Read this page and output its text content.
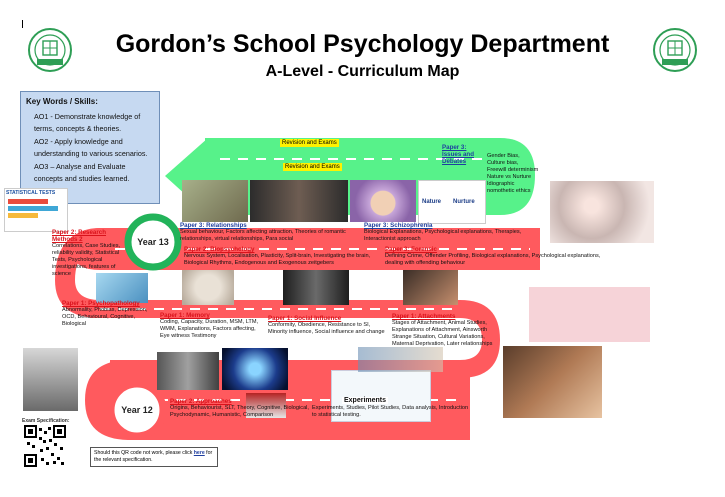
Gordon’s School Psychology Department
A-Level - Curriculum Map
Key Words / Skills:

AO1 - Demonstrate knowledge of terms, concepts & theories.

AO2 - Apply knowledge and understanding to various scenarios.

AO3 – Analyse and Evaluate concepts and studies learned.

Revision and Exams
Revision and Exams
Year 13
Year 12
STATISTICAL TESTS
Nature Nurture
Experiments
Paper 3: Issues and Debates
Gender Bias, Culture bias, Freewill determinism Nature vs Nurture Idiographic nomothetic ethics
Paper 3: Relationships
Sexual behaviour, Factors affecting attraction, Theories of romantic relationships, virtual relationships, Para social
Paper 3: Schizophrenia
Biological Explanations, Psychological explanations, Therapies, Interactionist approach
Paper 2: Research Methods 2
Correlations, Case Studies, reliability validity, Statistical Tests, Psychological investigations, features of science
Paper 2: Biopsychology
Nervous System, Localisation, Plasticity, Split-brain, Investigating the brain, Biological Rhythms, Endogenous and Exogenous zeitgebers
Paper 3: Forensic
Defining Crime, Offender Profiling, Biological explanations, Psychological explanations, dealing with offending behaviour
Paper 1: Psychopathology
Abnormality, Phobias, Depression, OCD, Behavioural, Cognitive, Biological
Paper 1: Memory
Coding, Capacity, Duration, MSM, LTM, WMM, Explanations, Factors affecting, Eye witness Testimony
Paper 1: Social Influence
Conformity, Obedience, Resistance to SI, Minority influence, Social influence and change
Paper 1: Attachments
Stages of Attachment, Animal Studies, Explanations of Attachment, Ainsworth Strange Situation, Cultural Variations, Maternal Deprivation, Later relationships
Paper 2: Approaches
Origins, Behaviourist, SLT, Theory, Cognitive, Biological, Psychodynamic, Humanistic, Comparison
Experiments, Studies, Pilot Studies, Data analysis, Introduction to statistical testing.
Exam Specification:
Should this QR code not work, please click here for the relevant specification.
